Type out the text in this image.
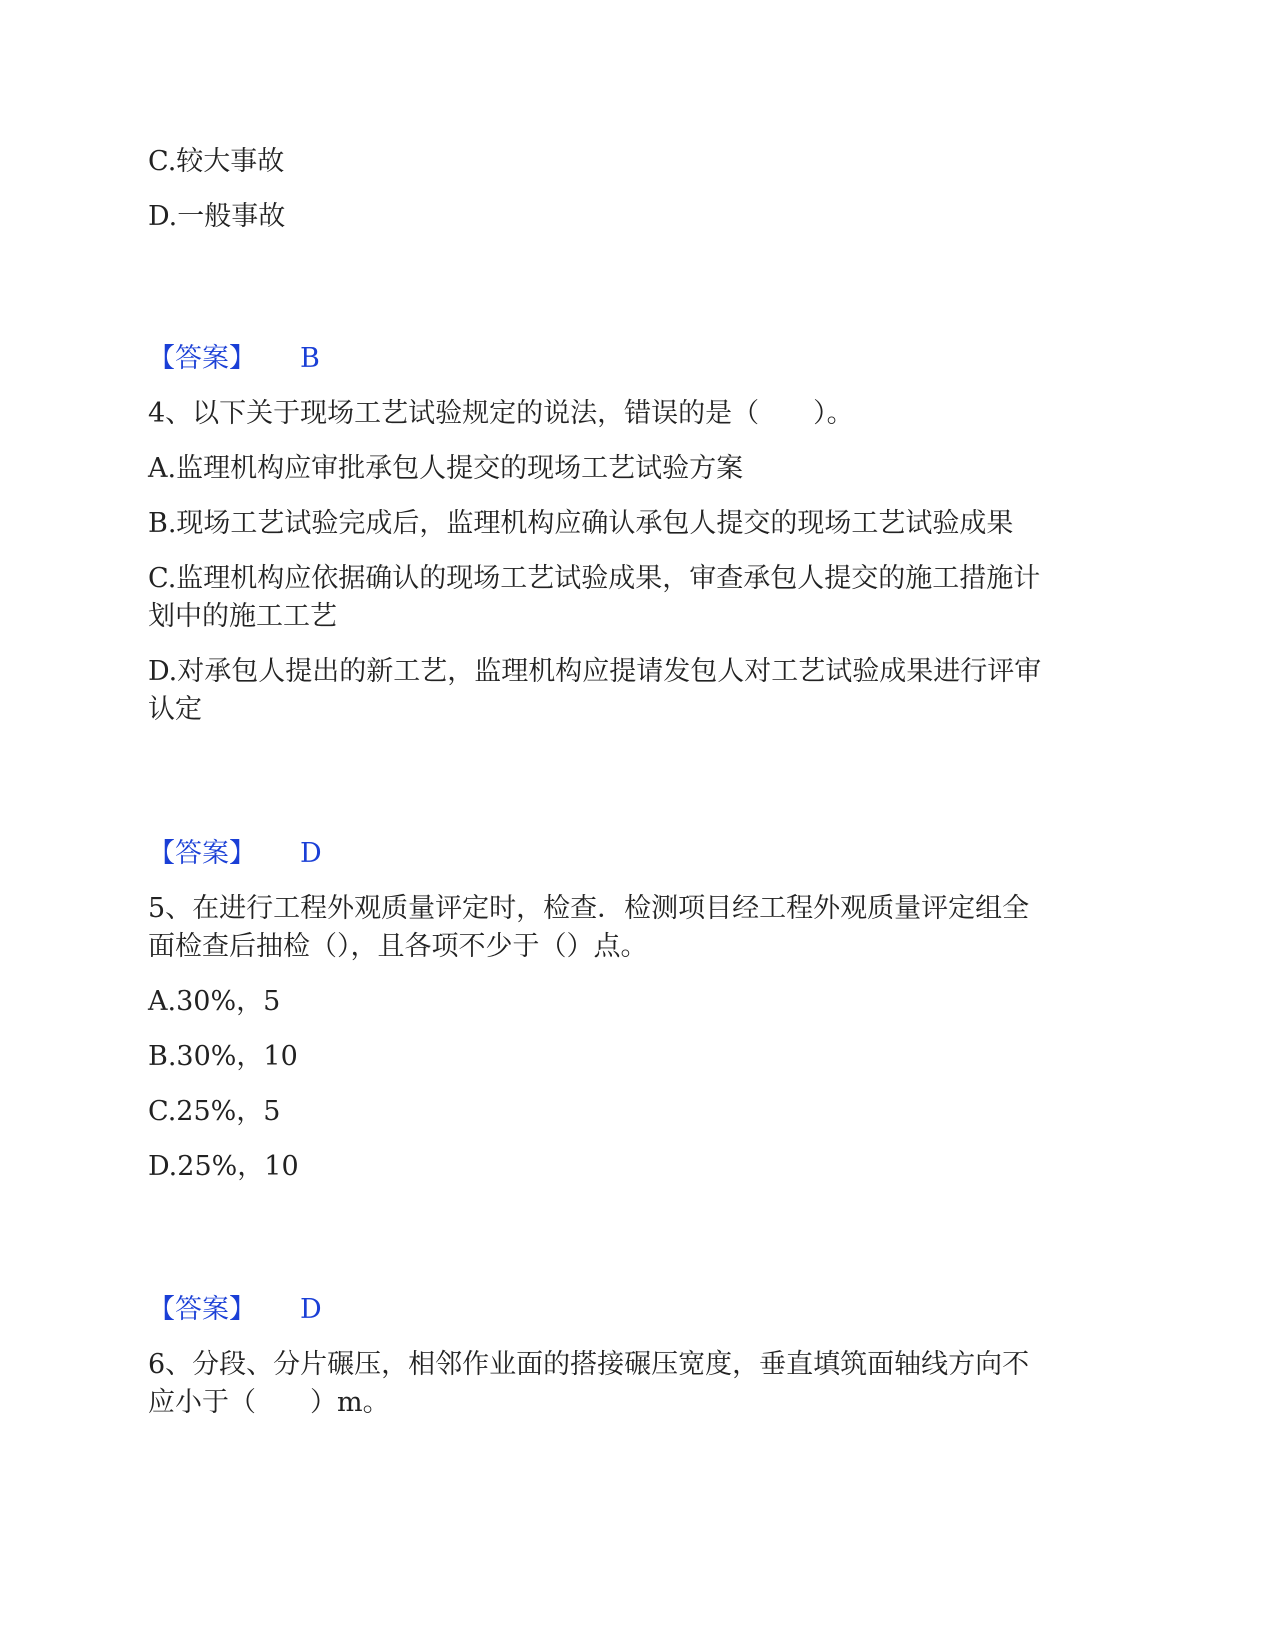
C.较大事故
D.一般事故
【答案】 B
4、以下关于现场工艺试验规定的说法，错误的是（　　）。
A.监理机构应审批承包人提交的现场工艺试验方案
B.现场工艺试验完成后，监理机构应确认承包人提交的现场工艺试验成果
C.监理机构应依据确认的现场工艺试验成果，审查承包人提交的施工措施计
划中的施工工艺
D.对承包人提出的新工艺，监理机构应提请发包人对工艺试验成果进行评审
认定
【答案】 D
5、在进行工程外观质量评定时，检查．检测项目经工程外观质量评定组全
面检查后抽检（），且各项不少于（）点。
A.30%，5
B.30%，10
C.25%，5
D.25%，10
【答案】 D
6、分段、分片碾压，相邻作业面的搭接碾压宽度，垂直填筑面轴线方向不
应小于（　　）m。
